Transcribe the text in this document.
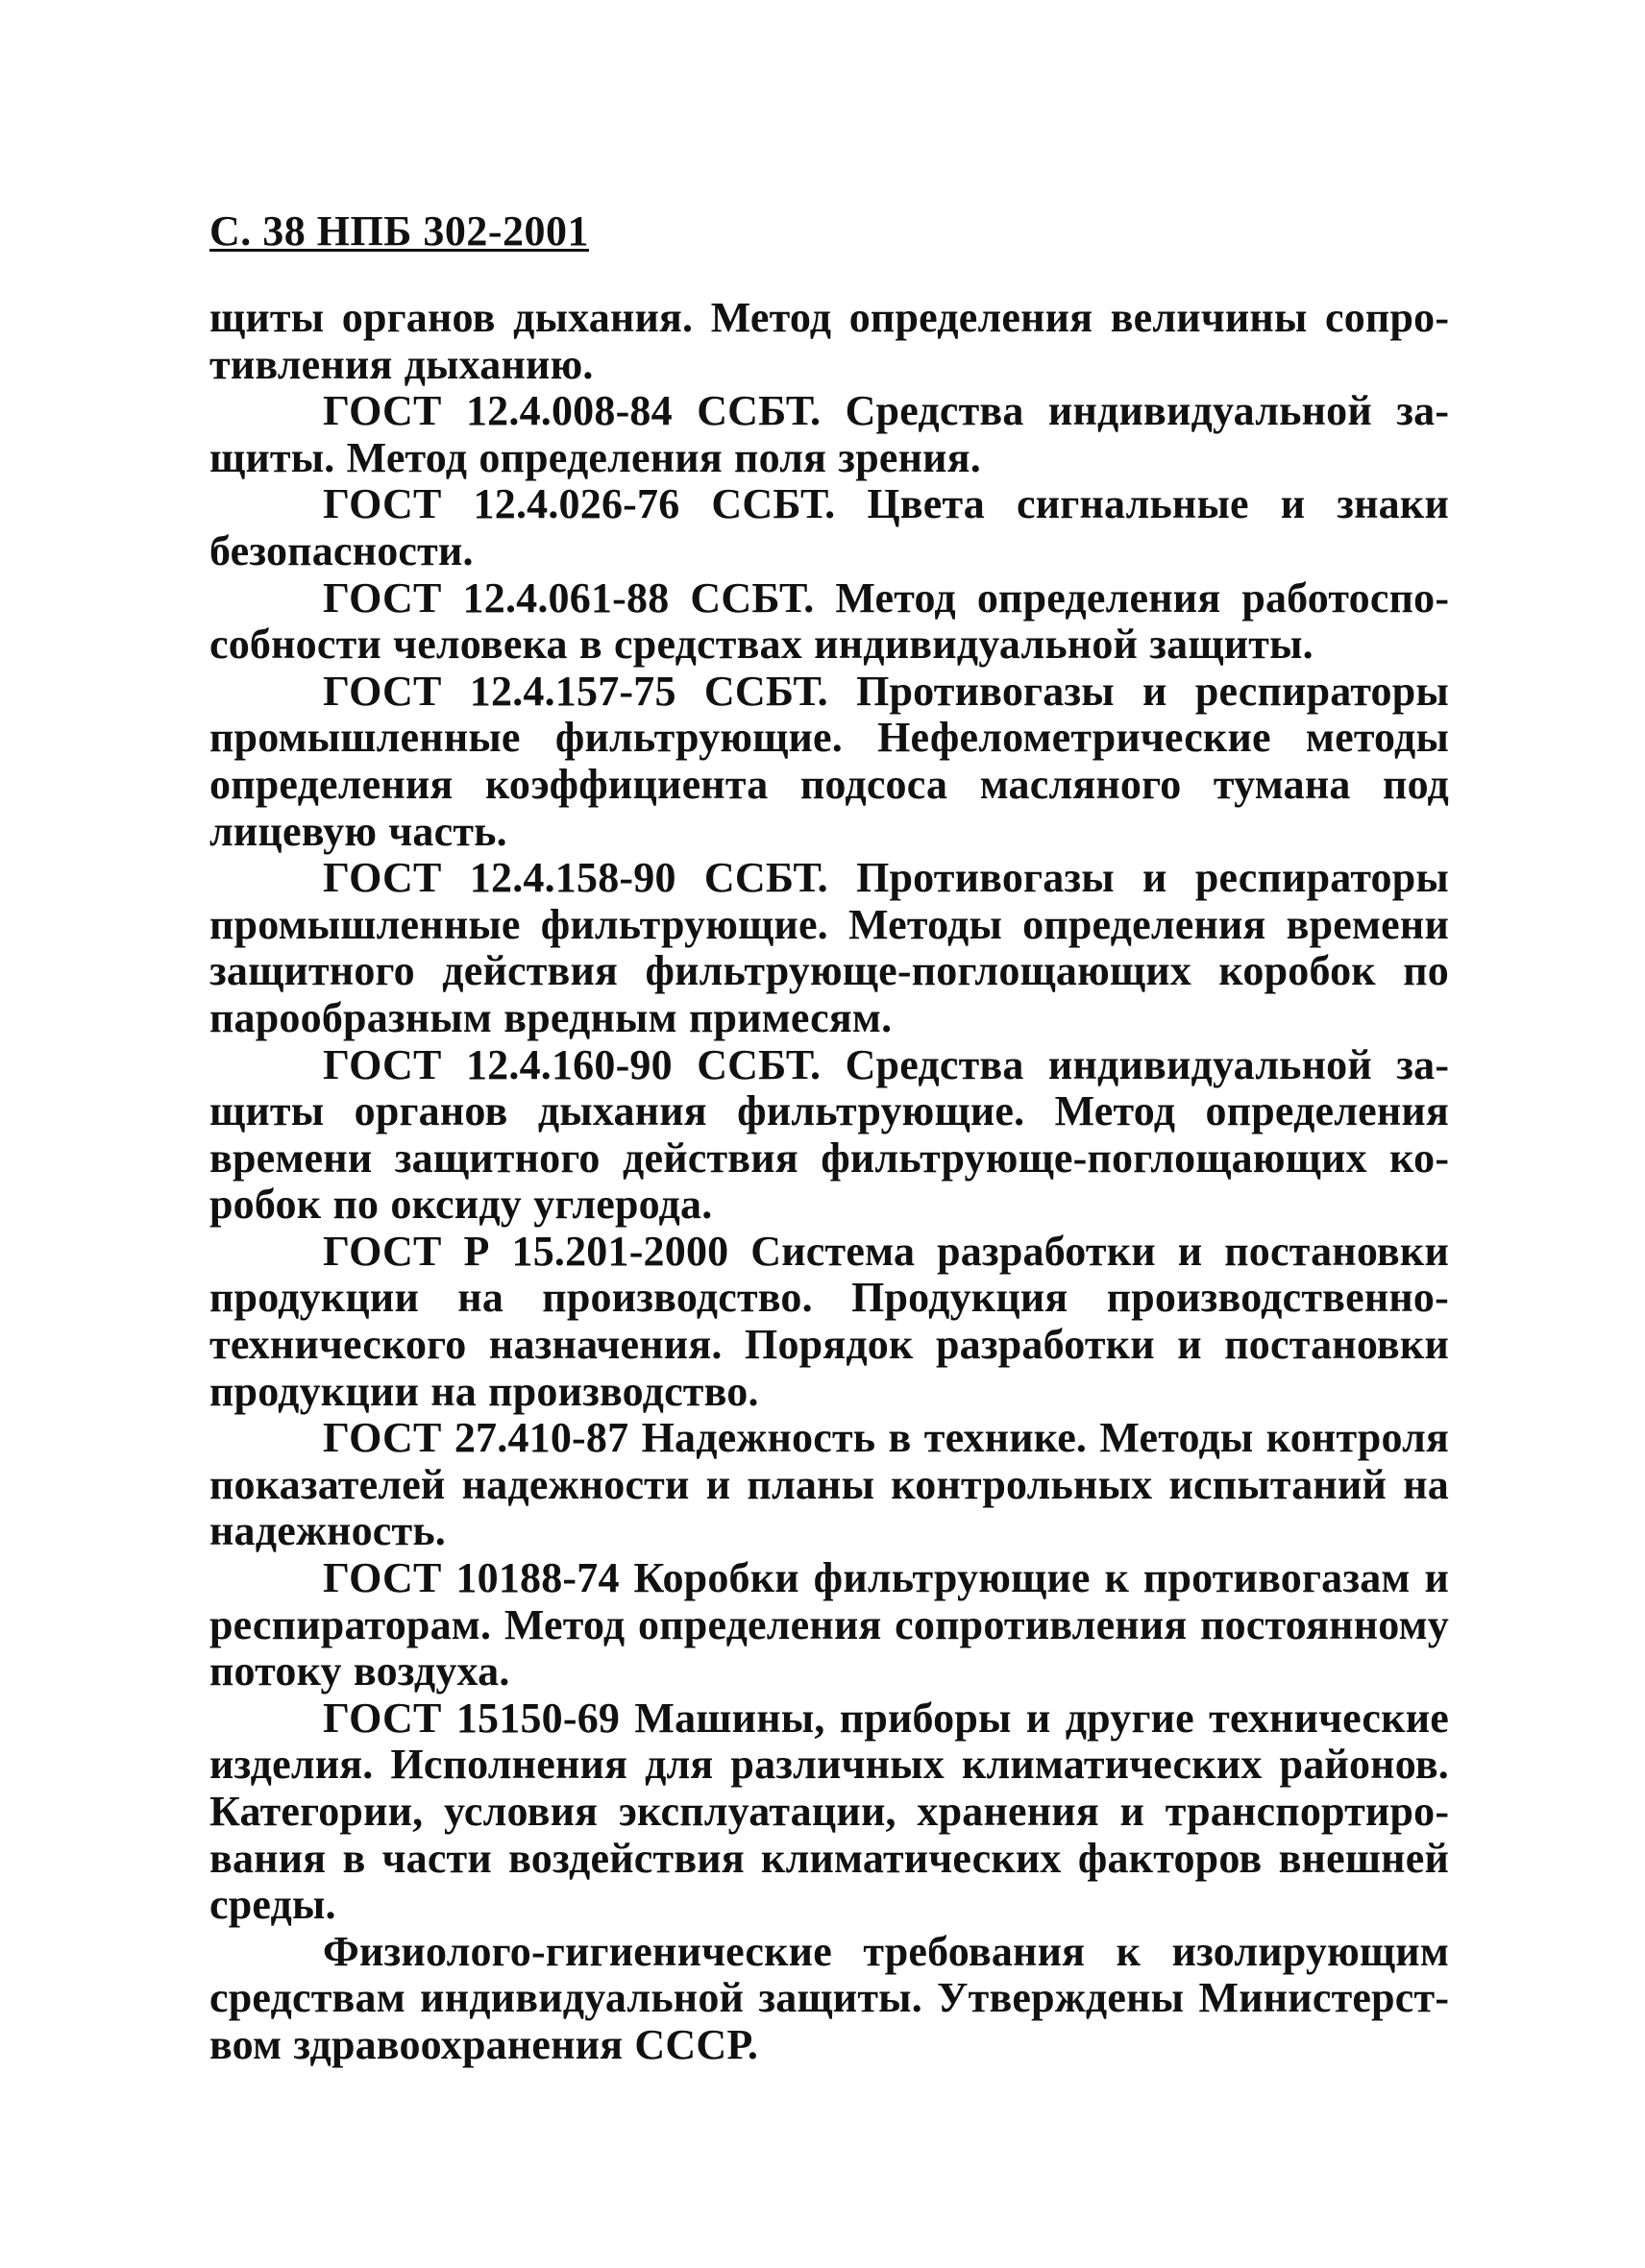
С. 38 НПБ 302-2001

щиты органов дыхания. Метод определения величины сопротивления дыханию.

ГОСТ 12.4.008-84 ССБТ. Средства индивидуальной защиты. Метод определения поля зрения.

ГОСТ 12.4.026-76 ССБТ. Цвета сигнальные и знаки безопасности.

ГОСТ 12.4.061-88 ССБТ. Метод определения работоспособности человека в средствах индивидуальной защиты.

ГОСТ 12.4.157-75 ССБТ. Противогазы и респираторы промышленные фильтрующие. Нефелометрические методы определения коэффициента подсоса масляного тумана под лицевую часть.

ГОСТ 12.4.158-90 ССБТ. Противогазы и респираторы промышленные фильтрующие. Методы определения времени защитного действия фильтрующе-поглощающих коробок по парообразным вредным примесям.

ГОСТ 12.4.160-90 ССБТ. Средства индивидуальной защиты органов дыхания фильтрующие. Метод определения времени защитного действия фильтрующе-поглощающих коробок по оксиду углерода.

ГОСТ Р 15.201-2000 Система разработки и постановки продукции на производство. Продукция производственно-технического назначения. Порядок разработки и постановки продукции на производство.

ГОСТ 27.410-87 Надежность в технике. Методы контроля показателей надежности и планы контрольных испытаний на надежность.

ГОСТ 10188-74 Коробки фильтрующие к противогазам и респираторам. Метод определения сопротивления постоянному потоку воздуха.

ГОСТ 15150-69 Машины, приборы и другие технические изделия. Исполнения для различных климатических районов. Категории, условия эксплуатации, хранения и транспортирования в части воздействия климатических факторов внешней среды.

Физиолого-гигиенические требования к изолирующим средствам индивидуальной защиты. Утверждены Министерством здравоохранения СССР.
